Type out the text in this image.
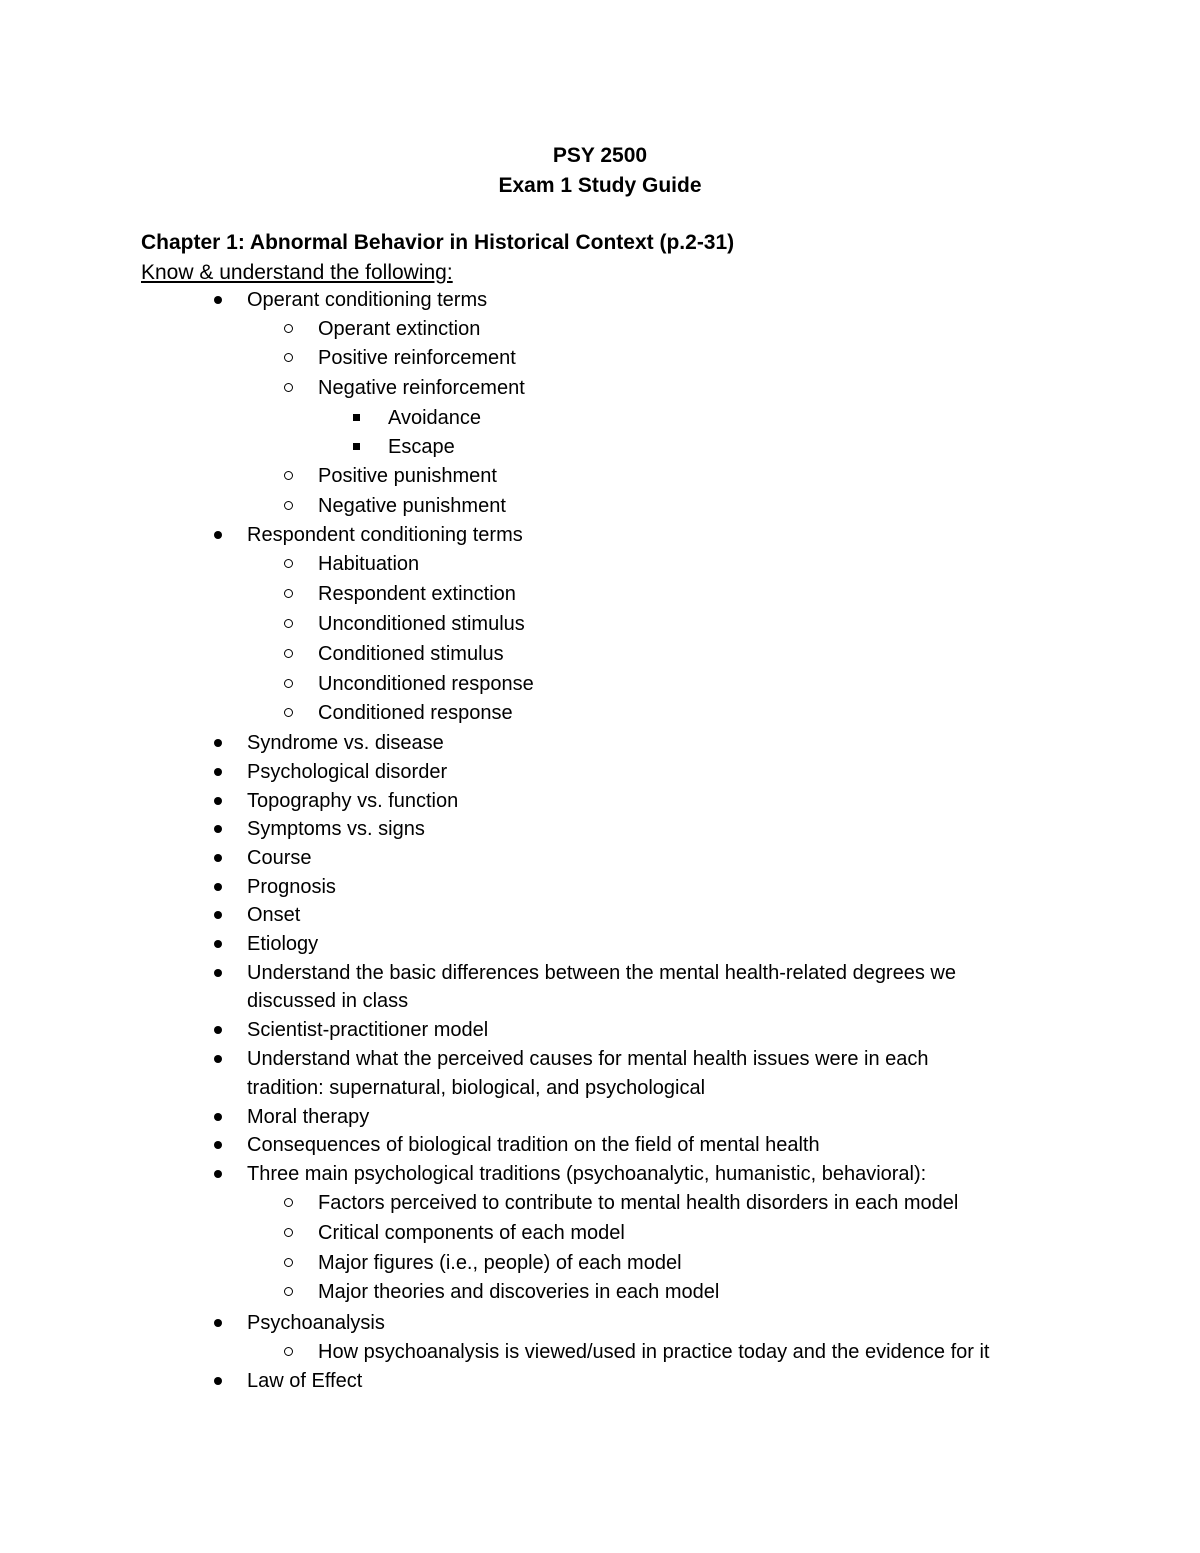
PSY 2500
Exam 1 Study Guide
Chapter 1: Abnormal Behavior in Historical Context (p.2-31)
Know & understand the following:
Operant conditioning terms
Operant extinction
Positive reinforcement
Negative reinforcement
Avoidance
Escape
Positive punishment
Negative punishment
Respondent conditioning terms
Habituation
Respondent extinction
Unconditioned stimulus
Conditioned stimulus
Unconditioned response
Conditioned response
Syndrome vs. disease
Psychological disorder
Topography vs. function
Symptoms vs. signs
Course
Prognosis
Onset
Etiology
Understand the basic differences between the mental health-related degrees we
discussed in class
Scientist-practitioner model
Understand what the perceived causes for mental health issues were in each
tradition: supernatural, biological, and psychological
Moral therapy
Consequences of biological tradition on the field of mental health
Three main psychological traditions (psychoanalytic, humanistic, behavioral):
Factors perceived to contribute to mental health disorders in each model
Critical components of each model
Major figures (i.e., people) of each model
Major theories and discoveries in each model
Psychoanalysis
How psychoanalysis is viewed/used in practice today and the evidence for it
Law of Effect
